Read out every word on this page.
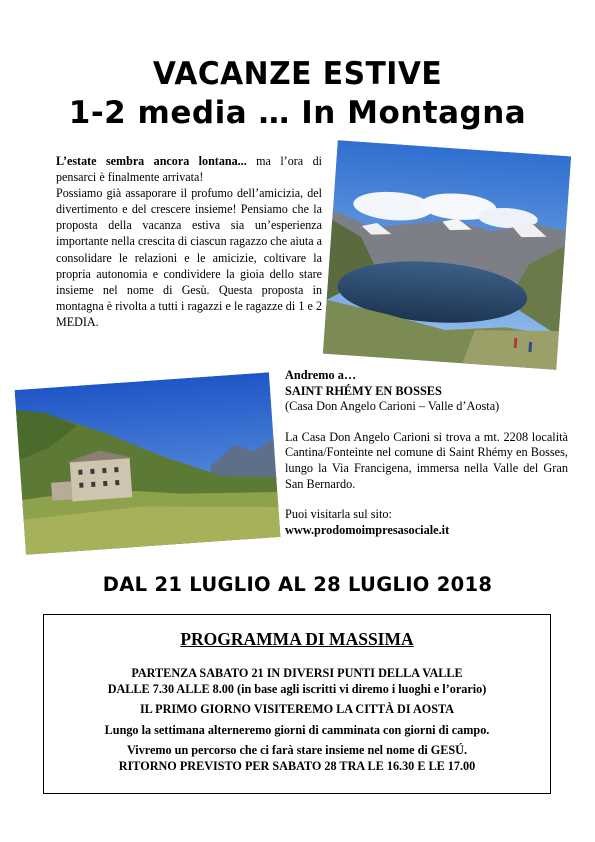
VACANZE ESTIVE
1-2 media … In Montagna
L’estate sembra ancora lontana... ma l’ora di pensarci è finalmente arrivata!
Possiamo già assaporare il profumo dell’amicizia, del divertimento e del crescere insieme! Pensiamo che la proposta della vacanza estiva sia un’esperienza importante nella crescita di ciascun ragazzo che aiuta a consolidare le relazioni e le amicizie, coltivare la propria autonomia e condividere la gioia dello stare insieme nel nome di Gesù. Questa proposta in montagna è rivolta a tutti i ragazzi e le ragazze di 1 e 2 MEDIA.
Andremo a…
SAINT RHÉMY EN BOSSES
(Casa Don Angelo Carioni – Valle d’Aosta)
La Casa Don Angelo Carioni si trova a mt. 2208 località Cantina/Fonteinte nel comune di Saint Rhémy en Bosses, lungo la Via Francigena, immersa nella Valle del Gran San Bernardo.
Puoi visitarla sul sito:
www.prodomoimpresasociale.it
DAL 21 LUGLIO AL 28 LUGLIO 2018
PROGRAMMA DI MASSIMA
PARTENZA SABATO 21 IN DIVERSI PUNTI DELLA VALLE
DALLE 7.30 ALLE 8.00 (in base agli iscritti vi diremo i luoghi e l’orario)
IL PRIMO GIORNO VISITEREMO LA CITTÀ DI AOSTA
Lungo la settimana alterneremo giorni di camminata con giorni di campo.
Vivremo un percorso che ci farà stare insieme nel nome di GESÚ.
RITORNO PREVISTO PER SABATO 28 TRA LE 16.30 E LE 17.00
